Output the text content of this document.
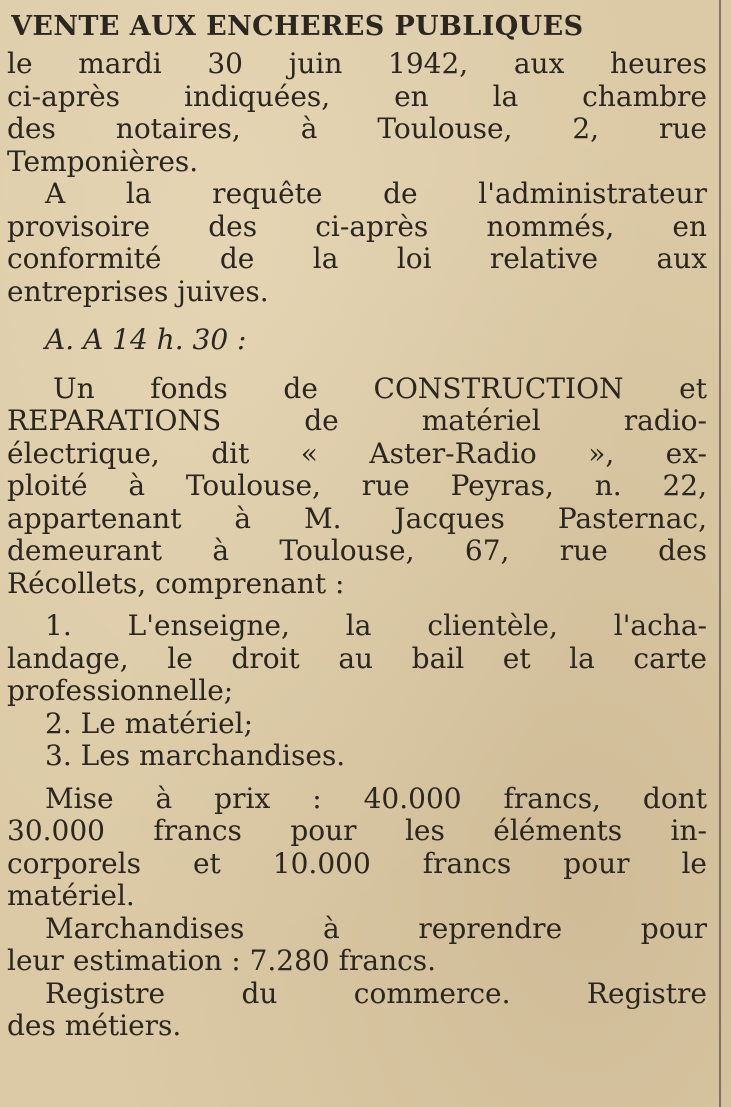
VENTE AUX ENCHERES PUBLIQUES
le mardi 30 juin 1942, aux heures
ci-après indiquées, en la chambre
des notaires, à Toulouse, 2, rue
Temponières.
A la requête de l'administrateur
provisoire des ci-après nommés, en
conformité de la loi relative aux
entreprises juives.
A. A 14 h. 30 :
Un fonds de CONSTRUCTION et
REPARATIONS de matériel radio-
électrique, dit « Aster-Radio », ex-
ploité à Toulouse, rue Peyras, n. 22,
appartenant à M. Jacques Pasternac,
demeurant à Toulouse, 67, rue des
Récollets, comprenant :
1. L'enseigne, la clientèle, l'acha-
landage, le droit au bail et la carte
professionnelle;
2. Le matériel;
3. Les marchandises.
Mise à prix : 40.000 francs, dont
30.000 francs pour les éléments in-
corporels et 10.000 francs pour le
matériel.
Marchandises à reprendre pour
leur estimation : 7.280 francs.
Registre du commerce. Registre
des métiers.
